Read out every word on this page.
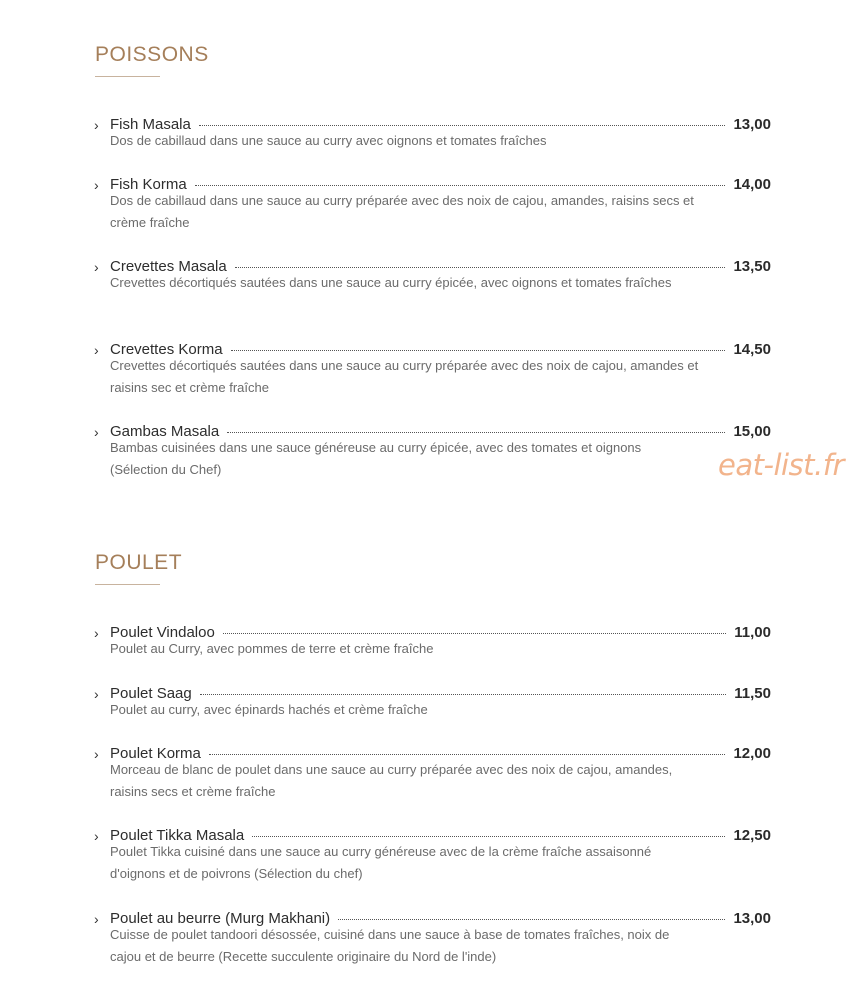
POISSONS
› Fish Masala	13,00
Dos de cabillaud dans une sauce au curry avec oignons et tomates fraîches
› Fish Korma	14,00
Dos de cabillaud dans une sauce au curry préparée avec des noix de cajou, amandes, raisins secs et crème fraîche
› Crevettes Masala	13,50
Crevettes décortiqués sautées dans une sauce au curry épicée, avec oignons et tomates fraîches
› Crevettes Korma	14,50
Crevettes décortiqués sautées dans une sauce au curry préparée avec des noix de cajou, amandes et raisins sec et crème fraîche
› Gambas Masala	15,00
Bambas cuisinées dans une sauce généreuse au curry épicée, avec des tomates et oignons (Sélection du Chef)	eat-list.fr
POULET
› Poulet Vindaloo	11,00
Poulet au Curry, avec pommes de terre et crème fraîche
› Poulet Saag	11,50
Poulet au curry, avec épinards hachés et crème fraîche
› Poulet Korma	12,00
Morceau de blanc de poulet dans une sauce au curry préparée avec des noix de cajou, amandes, raisins secs et crème fraîche
› Poulet Tikka Masala	12,50
Poulet Tikka cuisiné dans une sauce au curry généreuse avec de la crème fraîche assaisonné d'oignons et de poivrons (Sélection du chef)
› Poulet au beurre (Murg Makhani)	13,00
Cuisse de poulet tandoori désossée, cuisiné dans une sauce à base de tomates fraîches, noix de cajou et de beurre (Recette succulente originaire du Nord de l'inde)
